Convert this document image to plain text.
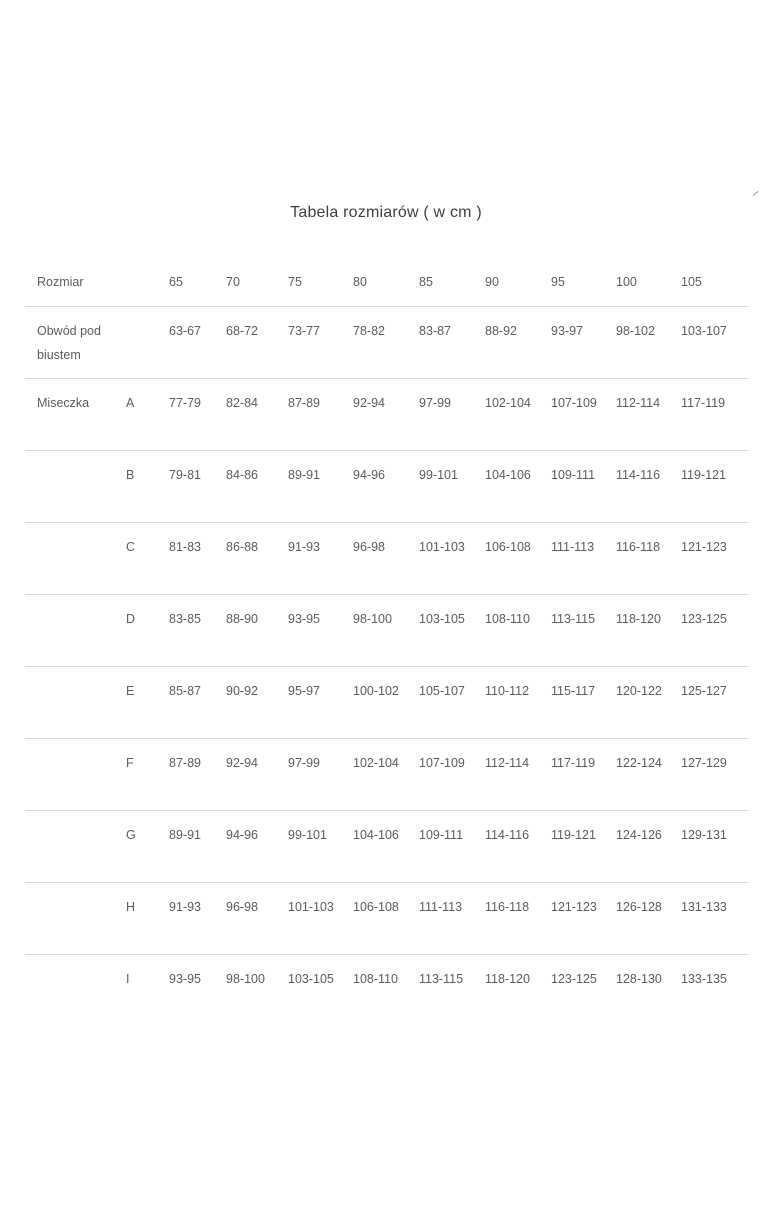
Tabela rozmiarów ( w cm )
Rozmiar		65	70	75	80	85	90	95	100	105
Obwód pod biustem		63-67	68-72	73-77	78-82	83-87	88-92	93-97	98-102	103-107
Miseczka	A	77-79	82-84	87-89	92-94	97-99	102-104	107-109	112-114	117-119
	B	79-81	84-86	89-91	94-96	99-101	104-106	109-111	114-116	119-121
	C	81-83	86-88	91-93	96-98	101-103	106-108	111-113	116-118	121-123
	D	83-85	88-90	93-95	98-100	103-105	108-110	113-115	118-120	123-125
	E	85-87	90-92	95-97	100-102	105-107	110-112	115-117	120-122	125-127
	F	87-89	92-94	97-99	102-104	107-109	112-114	117-119	122-124	127-129
	G	89-91	94-96	99-101	104-106	109-111	114-116	119-121	124-126	129-131
	H	91-93	96-98	101-103	106-108	111-113	116-118	121-123	126-128	131-133
	I	93-95	98-100	103-105	108-110	113-115	118-120	123-125	128-130	133-135
